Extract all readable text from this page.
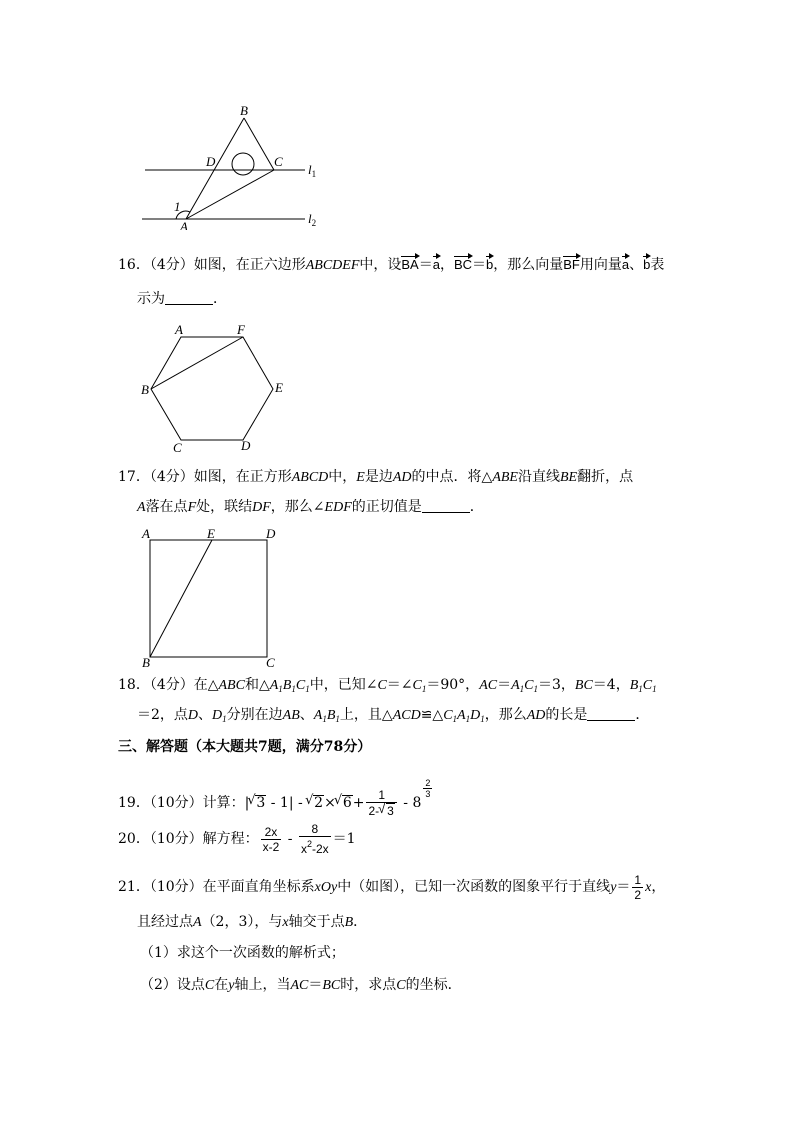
B
D	C
$l_1$
1
A
$l_2$
16．（4分）如图，在正六边形ABCDEF中，设BA＝a，BC＝b，那么向量BF用向量a、b表
示为	．
A	F
B	E
C	D
17．（4分）如图，在正方形ABCD中，E是边AD的中点．将△ABE沿直线BE翻折，点
A落在点F处，联结DF，那么∠EDF的正切值是	．
A	E	D
B	C
18．（4分）在△ABC和$\triangle A_1B_1C_1$中，已知$\angle C=\angle C_1=90^\circ$，$AC=A_1C_1=3$，BC＝4，$B_1C_1$
＝2，点D、$D_1$分别在边AB、$A_1B_1$上，且$\triangle ACD≌\triangle C_1A_1D_1$，那么AD的长是	．
三、解答题（本大题共7题，满分78分）
19．（10分）计算：| √ 3 - 1| - √ 2× √ $6+ \frac{1}{2- √ 3} - 8$
$\frac{2}{3}$
20．（10分）解方程： $\frac{2x}{x-2} - \frac{8}{x^2-2x} =1$
21．（10分）在平面直角坐标系xOy中（如图），已知一次函数的图象平行于直线$y= \frac{1}{2}$ x，
且经过点A（2，3），与x轴交于点B．
（1）求这个一次函数的解析式；
（2）设点C在y轴上，当AC＝BC时，求点C的坐标．
